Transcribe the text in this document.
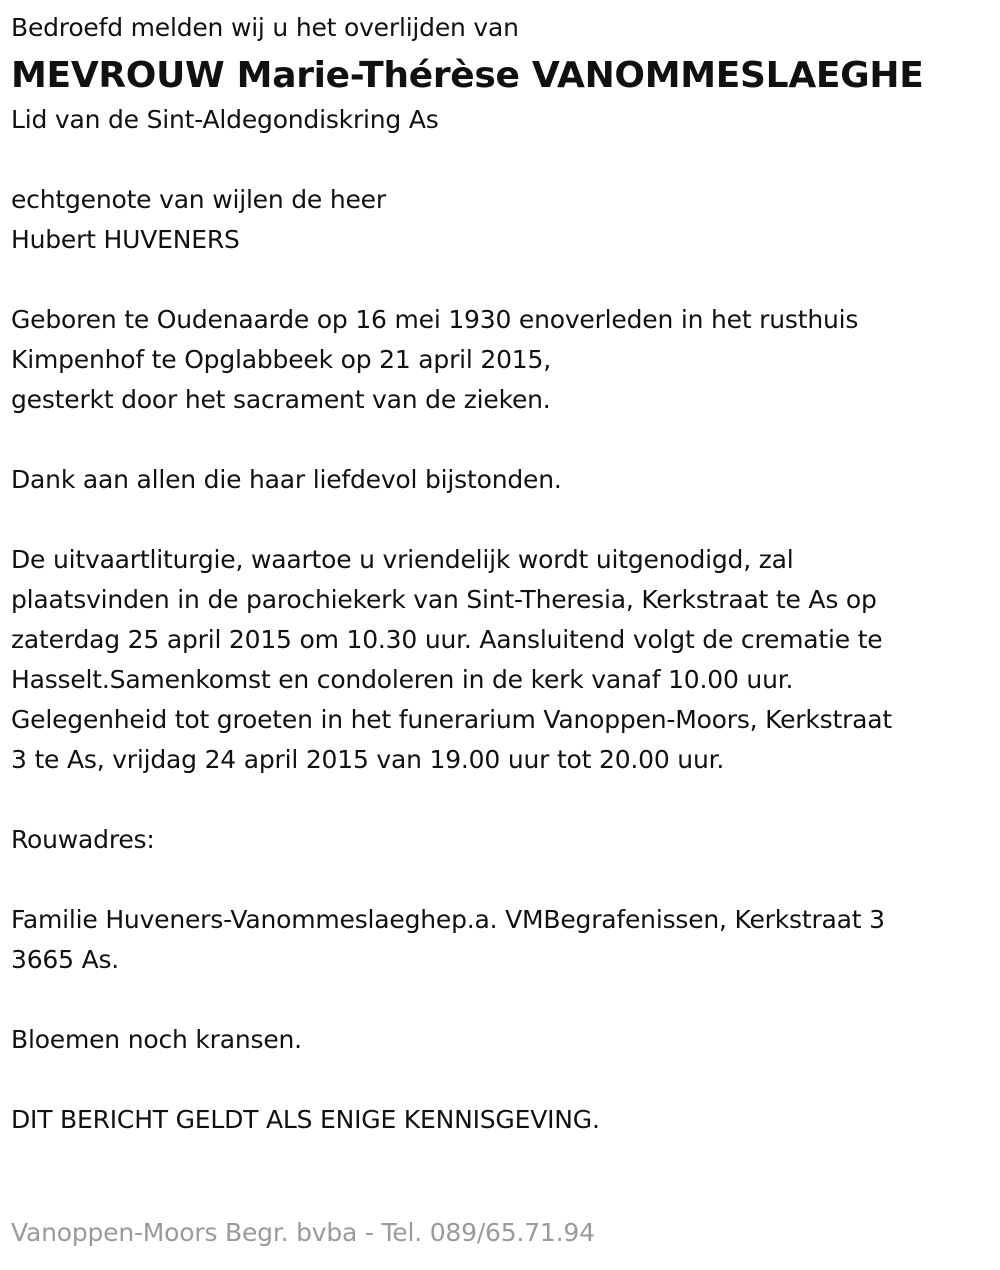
Bedroefd melden wij u het overlijden van
MEVROUW Marie-Thérèse VANOMMESLAEGHE
Lid van de Sint-Aldegondiskring As
echtgenote van wijlen de heer
Hubert HUVENERS
Geboren te Oudenaarde op 16 mei 1930 enoverleden in het rusthuis
Kimpenhof te Opglabbeek op 21 april 2015,
gesterkt door het sacrament van de zieken.
Dank aan allen die haar liefdevol bijstonden.
De uitvaartliturgie, waartoe u vriendelijk wordt uitgenodigd, zal
plaatsvinden in de parochiekerk van Sint-Theresia, Kerkstraat te As op
zaterdag 25 april 2015 om 10.30 uur. Aansluitend volgt de crematie te
Hasselt.Samenkomst en condoleren in de kerk vanaf 10.00 uur.
Gelegenheid tot groeten in het funerarium Vanoppen-Moors, Kerkstraat
3 te As, vrijdag 24 april 2015 van 19.00 uur tot 20.00 uur.
Rouwadres:
Familie Huveners-Vanommeslaeghep.a. VMBegrafenissen, Kerkstraat 3
3665 As.
Bloemen noch kransen.
DIT BERICHT GELDT ALS ENIGE KENNISGEVING.
Vanoppen-Moors Begr. bvba - Tel. 089/65.71.94
